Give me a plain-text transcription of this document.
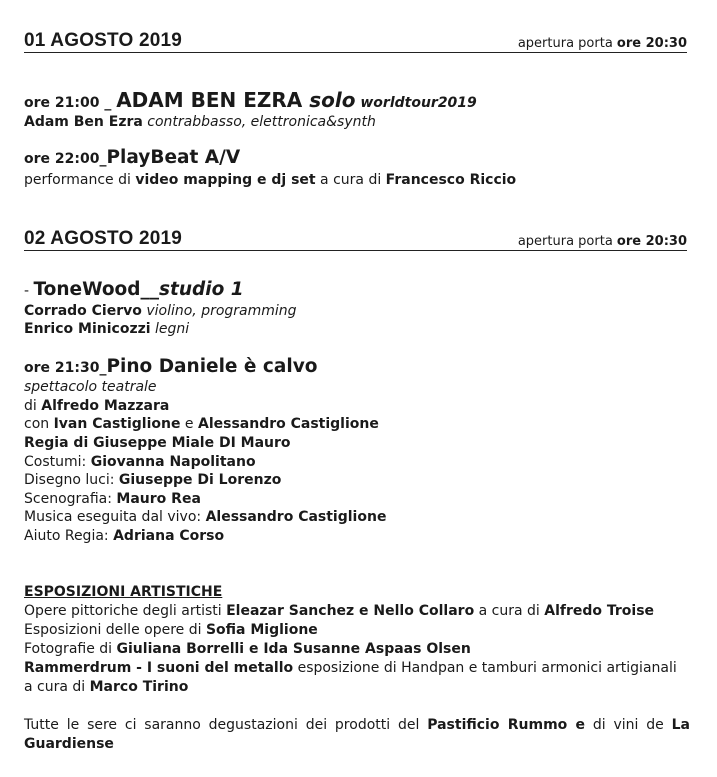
01 AGOSTO 2019	apertura porta ore 20:30
ore 21:00 _ ADAM BEN EZRA solo worldtour2019
Adam Ben Ezra contrabbasso, elettronica&synth
ore 22:00_PlayBeat A/V
performance di video mapping e dj set a cura di Francesco Riccio
02 AGOSTO 2019	apertura porta ore 20:30
- ToneWood__studio 1
Corrado Ciervo violino, programming
Enrico Minicozzi legni
ore 21:30_Pino Daniele è calvo
spettacolo teatrale
di Alfredo Mazzara
con Ivan Castiglione e Alessandro Castiglione
Regia di Giuseppe Miale DI Mauro
Costumi: Giovanna Napolitano
Disegno luci: Giuseppe Di Lorenzo
Scenografia: Mauro Rea
Musica eseguita dal vivo: Alessandro Castiglione
Aiuto Regia: Adriana Corso
ESPOSIZIONI ARTISTICHE
Opere pittoriche degli artisti Eleazar Sanchez e Nello Collaro a cura di Alfredo Troise
Esposizioni delle opere di Sofia Miglione
Fotografie di Giuliana Borrelli e Ida Susanne Aspaas Olsen
Rammerdrum - I suoni del metallo esposizione di Handpan e tamburi armonici artigianali
a cura di Marco Tirino
Tutte le sere ci saranno degustazioni dei prodotti del Pastificio Rummo e di vini de La Guardiense
